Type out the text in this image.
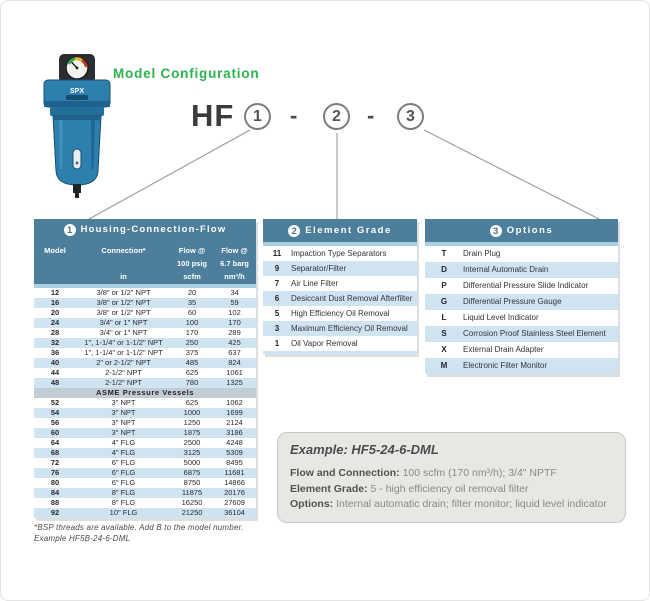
SPX
Model Configuration
HF	1	-	2	-	3
1 Housing-Connection-Flow
Model

	Connection*

in
Flow @
100 psig
scfm
Flow @
6.7 barg
nm³/h
12	3/8" or 1/2" NPT	20	34
16	3/8" or 1/2" NPT	35	59
20	3/8" or 1/2" NPT	60	102
24	3/4" or 1" NPT	100	170
28	3/4" or 1" NPT	170	289
32	1", 1-1/4" or 1-1/2" NPT	250	425
36	1", 1-1/4" or 1-1/2" NPT	375	637
40	2" or 2-1/2" NPT	485	824
44	2-1/2" NPT	625	1061
48	2-1/2" NPT	780	1325
ASME Pressure Vessels			
52	3" NPT	625	1062
54	3" NPT	1000	1699
56	3" NPT	1250	2124
60	3" NPT	1875	3186
64	4" FLG	2500	4248
68	4" FLG	3125	5309
72	6" FLG	5000	8495
76	6" FLG	6875	11681
80	6" FLG	8750	14866
84	8" FLG	11875	20176
88	8" FLG	16250	27609
92	10" FLG	21250	36104
2 Element Grade
11	Impaction Type Separators
9	Separator/Filter
7	Air Line Filter
6	Desiccant Dust Removal Afterfilter
5	High Efficiency Oil Removal
3	Maximum Efficiency Oil Removal
1	Oil Vapor Removal
3 Options
T	Drain Plug
D	Internal Automatic Drain
P	Differential Pressure Slide Indicator
G	Differential Pressure Gauge
L	Liquid Level Indicator
S	Corrosion Proof Stainless Steel Element
X	External Drain Adapter
M	Electronic Filter Monitor
*BSP threads are available. Add B to the model number.
Example HF5B-24-6-DML
Example: HF5-24-6-DML
Flow and Connection: 100 scfm (170 nm³/h); 3/4" NPTF
Element Grade: 5 - high efficiency oil removal filter
Options: Internal automatic drain; filter monitor; liquid level indicator
